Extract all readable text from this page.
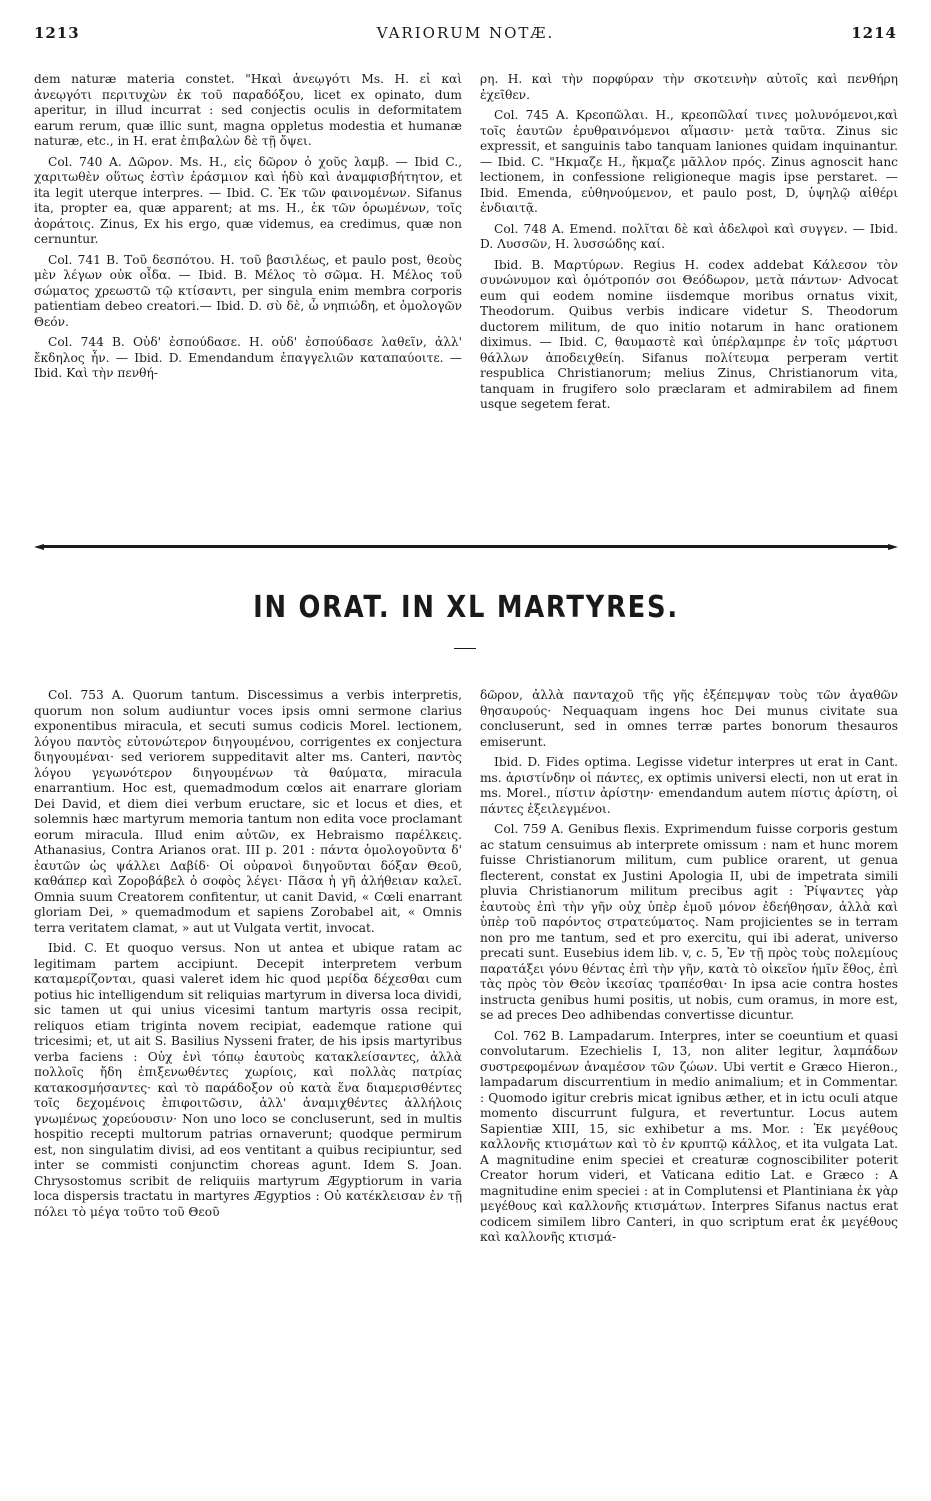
1213	VARIORUM NOTÆ.	1214

dem naturæ materia constet. "Ηκαὶ ἀνεῳγότι Ms. H. εἰ καὶ ἀνεῳγότι περιτυχὼν ἐκ τοῦ παραδόξου, licet ex opinato, dum aperitur, in illud incurrat : sed conjectis oculis in deformitatem earum rerum, quæ illic sunt, magna oppletus modestia et humanæ naturæ, etc., in H. erat ἐπιβαλὼν δὲ τῇ ὄψει.

Col. 740 A. Δῶρον. Ms. H., εἰς δῶρον ὁ χοῦς λαμβ. — Ibid C., χαριτωθὲν οὕτως ἐστὶν ἐράσμιον καὶ ἡδὺ καὶ ἀναμφισβήτητον, et ita legit uterque interpres. — Ibid. C. Ἐκ τῶν φαινομένων. Sifanus ita, propter ea, quæ apparent; at ms. H., ἐκ τῶν ὁρωμένων, τοῖς ἀοράτοις. Zinus, Ex his ergo, quæ videmus, ea credimus, quæ non cernuntur.

Col. 741 B. Τοῦ δεσπότου. H. τοῦ βασιλέως, et paulo post, θεοὺς μὲν λέγων οὐκ οἶδα. — Ibid. B. Μέλος τὸ σῶμα. H. Μέλος τοῦ σώματος χρεωστῶ τῷ κτίσαντι, per singula enim membra corporis patientiam debeo creatori.— Ibid. D. σὺ δὲ, ὦ νηπιώδη, et ὁμολογῶν Θεόν.

Col. 744 B. Οὐδ' ἐσπούδασε. H. οὐδ' ἐσπούδασε λαθεῖν, ἀλλ' ἔκδηλος ἦν. — Ibid. D. Emendandum ἐπαγγελιῶν καταπαύοιτε. — Ibid. Καὶ τὴν πενθή-

ρη. H. καὶ τὴν πορφύραν τὴν σκοτεινὴν αὐτοῖς καὶ πενθήρη ἐχεῖθεν.

Col. 745 A. Κρεοπῶλαι. H., κρεοπῶλαί τινες μολυνόμενοι,καὶ τοῖς ἑαυτῶν ἐρυθραινόμενοι αἵμασιν· μετὰ ταῦτα. Zinus sic expressit, et sanguinis tabo tanquam laniones quidam inquinantur. — Ibid. C. "Ηκμαζε H., ἤκμαζε μᾶλλον πρός. Zinus agnoscit hanc lectionem, in confessione religioneque magis ipse perstaret. — Ibid. Emenda, εὐθηνούμενον, et paulo post, D, ὑψηλῷ αἰθέρι ἐνδιαιτᾷ.

Col. 748 A. Emend. πολῖται δὲ καὶ ἀδελφοὶ καὶ συγγεν. — Ibid. D. Λυσσῶν, H. λυσσώδης καί.

Ibid. B. Μαρτύρων. Regius H. codex addebat Κάλεσον τὸν συνώνυμον καὶ ὁμότροπόν σοι Θεόδωρον, μετὰ πάντων· Advocat eum qui eodem nomine iisdemque moribus ornatus vixit, Theodorum. Quibus verbis indicare videtur S. Theodorum ductorem militum, de quo initio notarum in hanc orationem diximus. — Ibid. C, θαυμαστὲ καὶ ὑπέρλαμπρε ἐν τοῖς μάρτυσι θάλλων ἀποδειχθείη. Sifanus πολίτευμα perperam vertit respublica Christianorum; melius Zinus, Christianorum vita, tanquam in frugifero solo præclaram et admirabilem ad finem usque segetem ferat.

IN ORAT. IN XL MARTYRES.

Col. 753 A. Quorum tantum. Discessimus a verbis interpretis, quorum non solum audiuntur voces ipsis omni sermone clarius exponentibus miracula, et secuti sumus codicis Morel. lectionem, λόγου παντὸς εὐτονώτερον διηγουμένου, corrigentes ex conjectura διηγουμέναι· sed veriorem suppeditavit alter ms. Canteri, παντὸς λόγου γεγωνότερον διηγουμένων τὰ θαύματα, miracula enarrantium. Hoc est, quemadmodum cœlos ait enarrare gloriam Dei David, et diem diei verbum eructare, sic et locus et dies, et solemnis hæc martyrum memoria tantum non edita voce proclamant eorum miracula. Illud enim αὐτῶν, ex Hebraismo παρέλκεις. Athanasius, Contra Arianos orat. III p. 201 : πάντα ὁμολογοῦντα δ' ἑαυτῶν ὡς ψάλλει Δαβίδ· Οἱ οὐρανοὶ διηγοῦνται δόξαν Θεοῦ, καθάπερ καὶ Ζοροβάβελ ὁ σοφὸς λέγει· Πᾶσα ἡ γῆ ἀλήθειαν καλεῖ. Omnia suum Creatorem confitentur, ut canit David, « Cœli enarrant gloriam Dei, » quemadmodum et sapiens Zorobabel ait, « Omnis terra veritatem clamat, » aut ut Vulgata vertit, invocat.

Ibid. C. Et quoquo versus. Non ut antea et ubique ratam ac legitimam partem accipiunt. Decepit interpretem verbum καταμερίζονται, quasi valeret idem hic quod μερίδα δέχεσθαι cum potius hic intelligendum sit reliquias martyrum in diversa loca dividi, sic tamen ut qui unius vicesimi tantum martyris ossa recipit, reliquos etiam triginta novem recipiat, eademque ratione qui tricesimi; et, ut ait S. Basilius Nysseni frater, de his ipsis martyribus verba faciens : Οὐχ ἑνὶ τόπῳ ἑαυτοὺς κατακλείσαντες, ἀλλὰ πολλοῖς ἤδη ἐπιξενωθέντες χωρίοις, καὶ πολλὰς πατρίας κατακοσμήσαντες· καὶ τὸ παράδοξον οὐ κατὰ ἕνα διαμερισθέντες τοῖς δεχομένοις ἐπιφοιτῶσιν, ἀλλ' ἀναμιχθέντες ἀλλήλοις γνωμένως χορεύουσιν· Non uno loco se concluserunt, sed in multis hospitio recepti multorum patrias ornaverunt; quodque permirum est, non singulatim divisi, ad eos ventitant a quibus recipiuntur, sed inter se commisti conjunctim choreas agunt. Idem S. Joan. Chrysostomus scribit de reliquiis martyrum Ægyptiorum in varia loca dispersis tractatu in martyres Ægyptios : Οὐ κατέκλεισαν ἐν τῇ πόλει τὸ μέγα τοῦτο τοῦ Θεοῦ

δῶρον, ἀλλὰ πανταχοῦ τῆς γῆς ἐξέπεμψαν τοὺς τῶν ἀγαθῶν θησαυρούς· Nequaquam ingens hoc Dei munus civitate sua concluserunt, sed in omnes terræ partes bonorum thesauros emiserunt.

Ibid. D. Fides optima. Legisse videtur interpres ut erat in Cant. ms. ἀριστίνδην οἱ πάντες, ex optimis universi electi, non ut erat in ms. Morel., πίστιν ἀρίστην· emendandum autem πίστις ἀρίστη, οἱ πάντες ἐξειλεγμένοι.

Col. 759 A. Genibus flexis. Exprimendum fuisse corporis gestum ac statum censuimus ab interprete omissum : nam et hunc morem fuisse Christianorum militum, cum publice orarent, ut genua flecterent, constat ex Justini Apologia II, ubi de impetrata simili pluvia Christianorum militum precibus agit : Ῥίψαντες γὰρ ἑαυτοὺς ἐπὶ τὴν γῆν οὐχ ὑπὲρ ἐμοῦ μόνον ἐδεήθησαν, ἀλλὰ καὶ ὑπὲρ τοῦ παρόντος στρατεύματος. Nam projicientes se in terram non pro me tantum, sed et pro exercitu, qui ibi aderat, universo precati sunt. Eusebius idem lib. v, c. 5, Ἐν τῇ πρὸς τοὺς πολεμίους παρατάξει γόνυ θέντας ἐπὶ τὴν γῆν, κατὰ τὸ οἰκεῖον ἡμῖν ἔθος, ἐπὶ τὰς πρὸς τὸν Θεὸν ἱκεσίας τραπέσθαι· In ipsa acie contra hostes instructa genibus humi positis, ut nobis, cum oramus, in more est, se ad preces Deo adhibendas convertisse dicuntur.

Col. 762 B. Lampadarum. Interpres, inter se coeuntium et quasi convolutarum. Ezechielis I, 13, non aliter legitur, λαμπάδων συστρεφομένων ἀναμέσον τῶν ζώων. Ubi vertit e Græco Hieron., lampadarum discurrentium in medio animalium; et in Commentar. : Quomodo igitur crebris micat ignibus æther, et in ictu oculi atque momento discurrunt fulgura, et revertuntur. Locus autem Sapientiæ XIII, 15, sic exhibetur a ms. Mor. : Ἐκ μεγέθους καλλονῆς κτισμάτων καὶ τὸ ἐν κρυπτῷ κάλλος, et ita vulgata Lat. A magnitudine enim speciei et creaturæ cognoscibiliter poterit Creator horum videri, et Vaticana editio Lat. e Græco : A magnitudine enim speciei : at in Complutensi et Plantiniana ἐκ γὰρ μεγέθους καὶ καλλονῆς κτισμάτων. Interpres Sifanus nactus erat codicem similem libro Canteri, in quo scriptum erat ἐκ μεγέθους καὶ καλλονῆς κτισμά-
